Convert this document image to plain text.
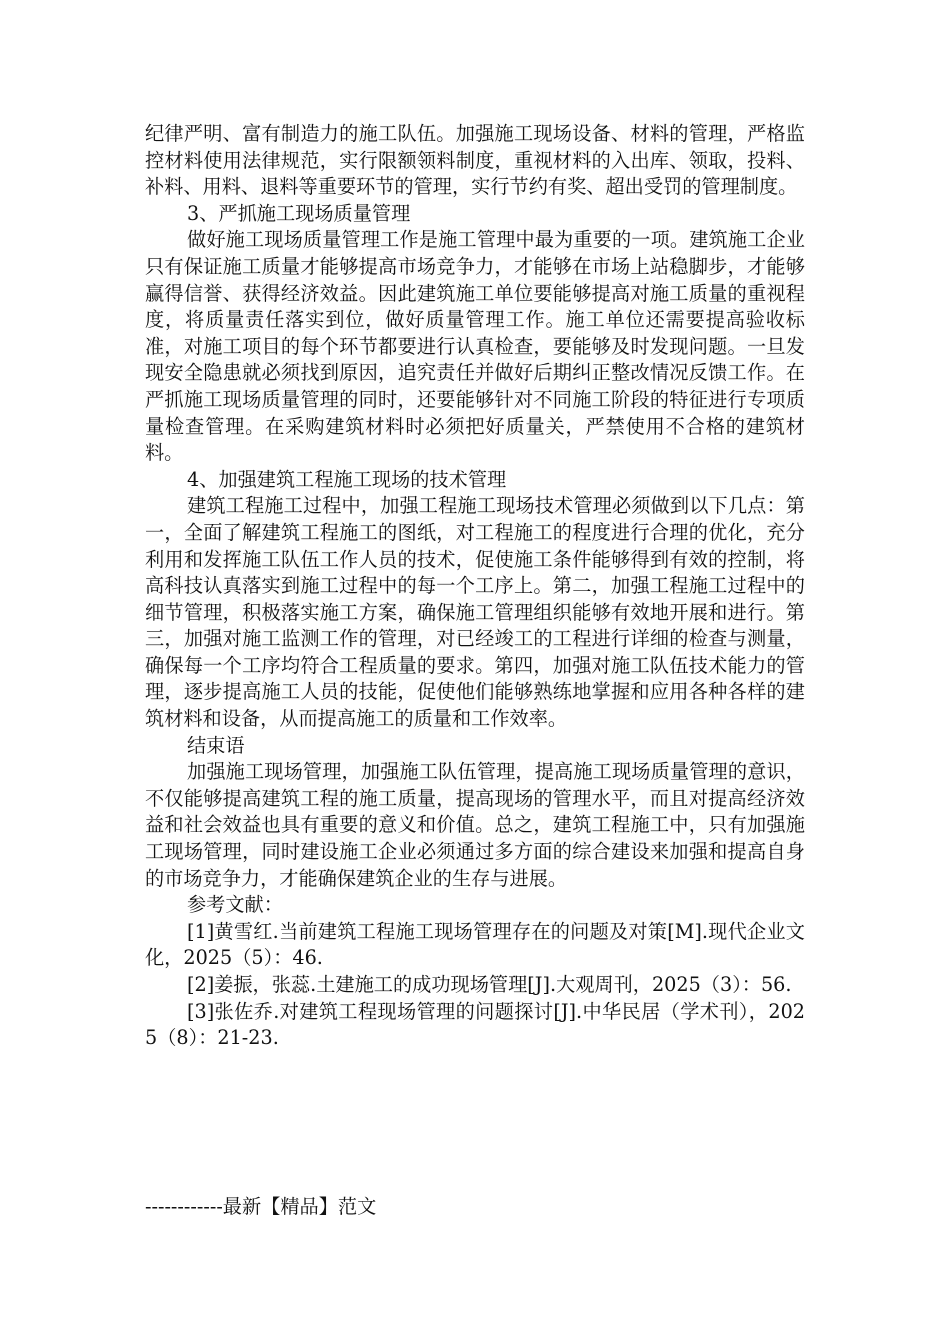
纪律严明、富有制造力的施工队伍。加强施工现场设备、材料的管理，严格监控材料使用法律规范，实行限额领料制度，重视材料的入出库、领取，投料、补料、用料、退料等重要环节的管理，实行节约有奖、超出受罚的管理制度。

3、严抓施工现场质量管理

做好施工现场质量管理工作是施工管理中最为重要的一项。建筑施工企业只有保证施工质量才能够提高市场竞争力，才能够在市场上站稳脚步，才能够赢得信誉、获得经济效益。因此建筑施工单位要能够提高对施工质量的重视程度，将质量责任落实到位，做好质量管理工作。施工单位还需要提高验收标准，对施工项目的每个环节都要进行认真检查，要能够及时发现问题。一旦发现安全隐患就必须找到原因，追究责任并做好后期纠正整改情况反馈工作。在严抓施工现场质量管理的同时，还要能够针对不同施工阶段的特征进行专项质量检查管理。在采购建筑材料时必须把好质量关，严禁使用不合格的建筑材料。

4、加强建筑工程施工现场的技术管理

建筑工程施工过程中，加强工程施工现场技术管理必须做到以下几点：第一，全面了解建筑工程施工的图纸，对工程施工的程度进行合理的优化，充分利用和发挥施工队伍工作人员的技术，促使施工条件能够得到有效的控制，将高科技认真落实到施工过程中的每一个工序上。第二，加强工程施工过程中的细节管理，积极落实施工方案，确保施工管理组织能够有效地开展和进行。第三，加强对施工监测工作的管理，对已经竣工的工程进行详细的检查与测量，确保每一个工序均符合工程质量的要求。第四，加强对施工队伍技术能力的管理，逐步提高施工人员的技能，促使他们能够熟练地掌握和应用各种各样的建筑材料和设备，从而提高施工的质量和工作效率。

结束语

加强施工现场管理，加强施工队伍管理，提高施工现场质量管理的意识，不仅能够提高建筑工程的施工质量，提高现场的管理水平，而且对提高经济效益和社会效益也具有重要的意义和价值。总之，建筑工程施工中，只有加强施工现场管理，同时建设施工企业必须通过多方面的综合建设来加强和提高自身的市场竞争力，才能确保建筑企业的生存与进展。

参考文献：

[1]黄雪红.当前建筑工程施工现场管理存在的问题及对策[M].现代企业文化，2025（5）：46.

[2]姜振，张蕊.土建施工的成功现场管理[J].大观周刊，2025（3）：56.

[3]张佐乔.对建筑工程现场管理的问题探讨[J].中华民居（学术刊），2025（8）：21-23.

------------最新【精品】范文
